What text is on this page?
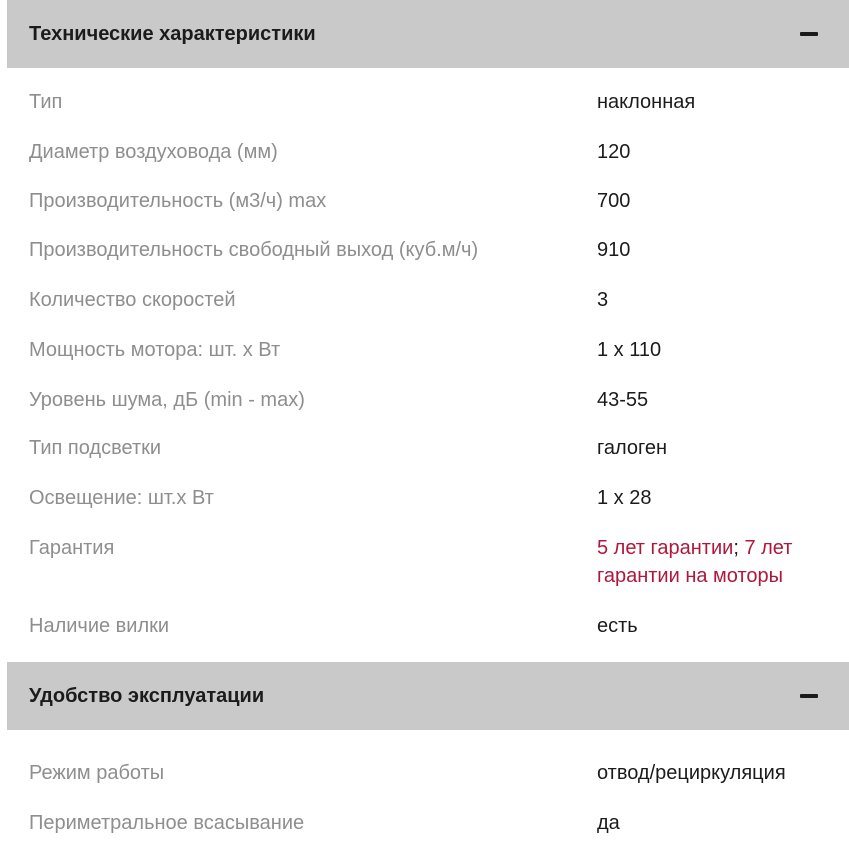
Технические характеристики
Тип	наклонная
Диаметр воздуховода (мм)	120
Производительность (м3/ч) max	700
Производительность свободный выход (куб.м/ч)	910
Количество скоростей	3
Мощность мотора: шт. х Вт	1 х 110
Уровень шума, дБ (min - max)	43-55
Тип подсветки	галоген
Освещение: шт.х Вт	1 х 28
Гарантия	5 лет гарантии; 7 лет гарантии на моторы
Наличие вилки	есть
Удобство эксплуатации
Режим работы	отвод/рециркуляция
Периметральное всасывание	да
